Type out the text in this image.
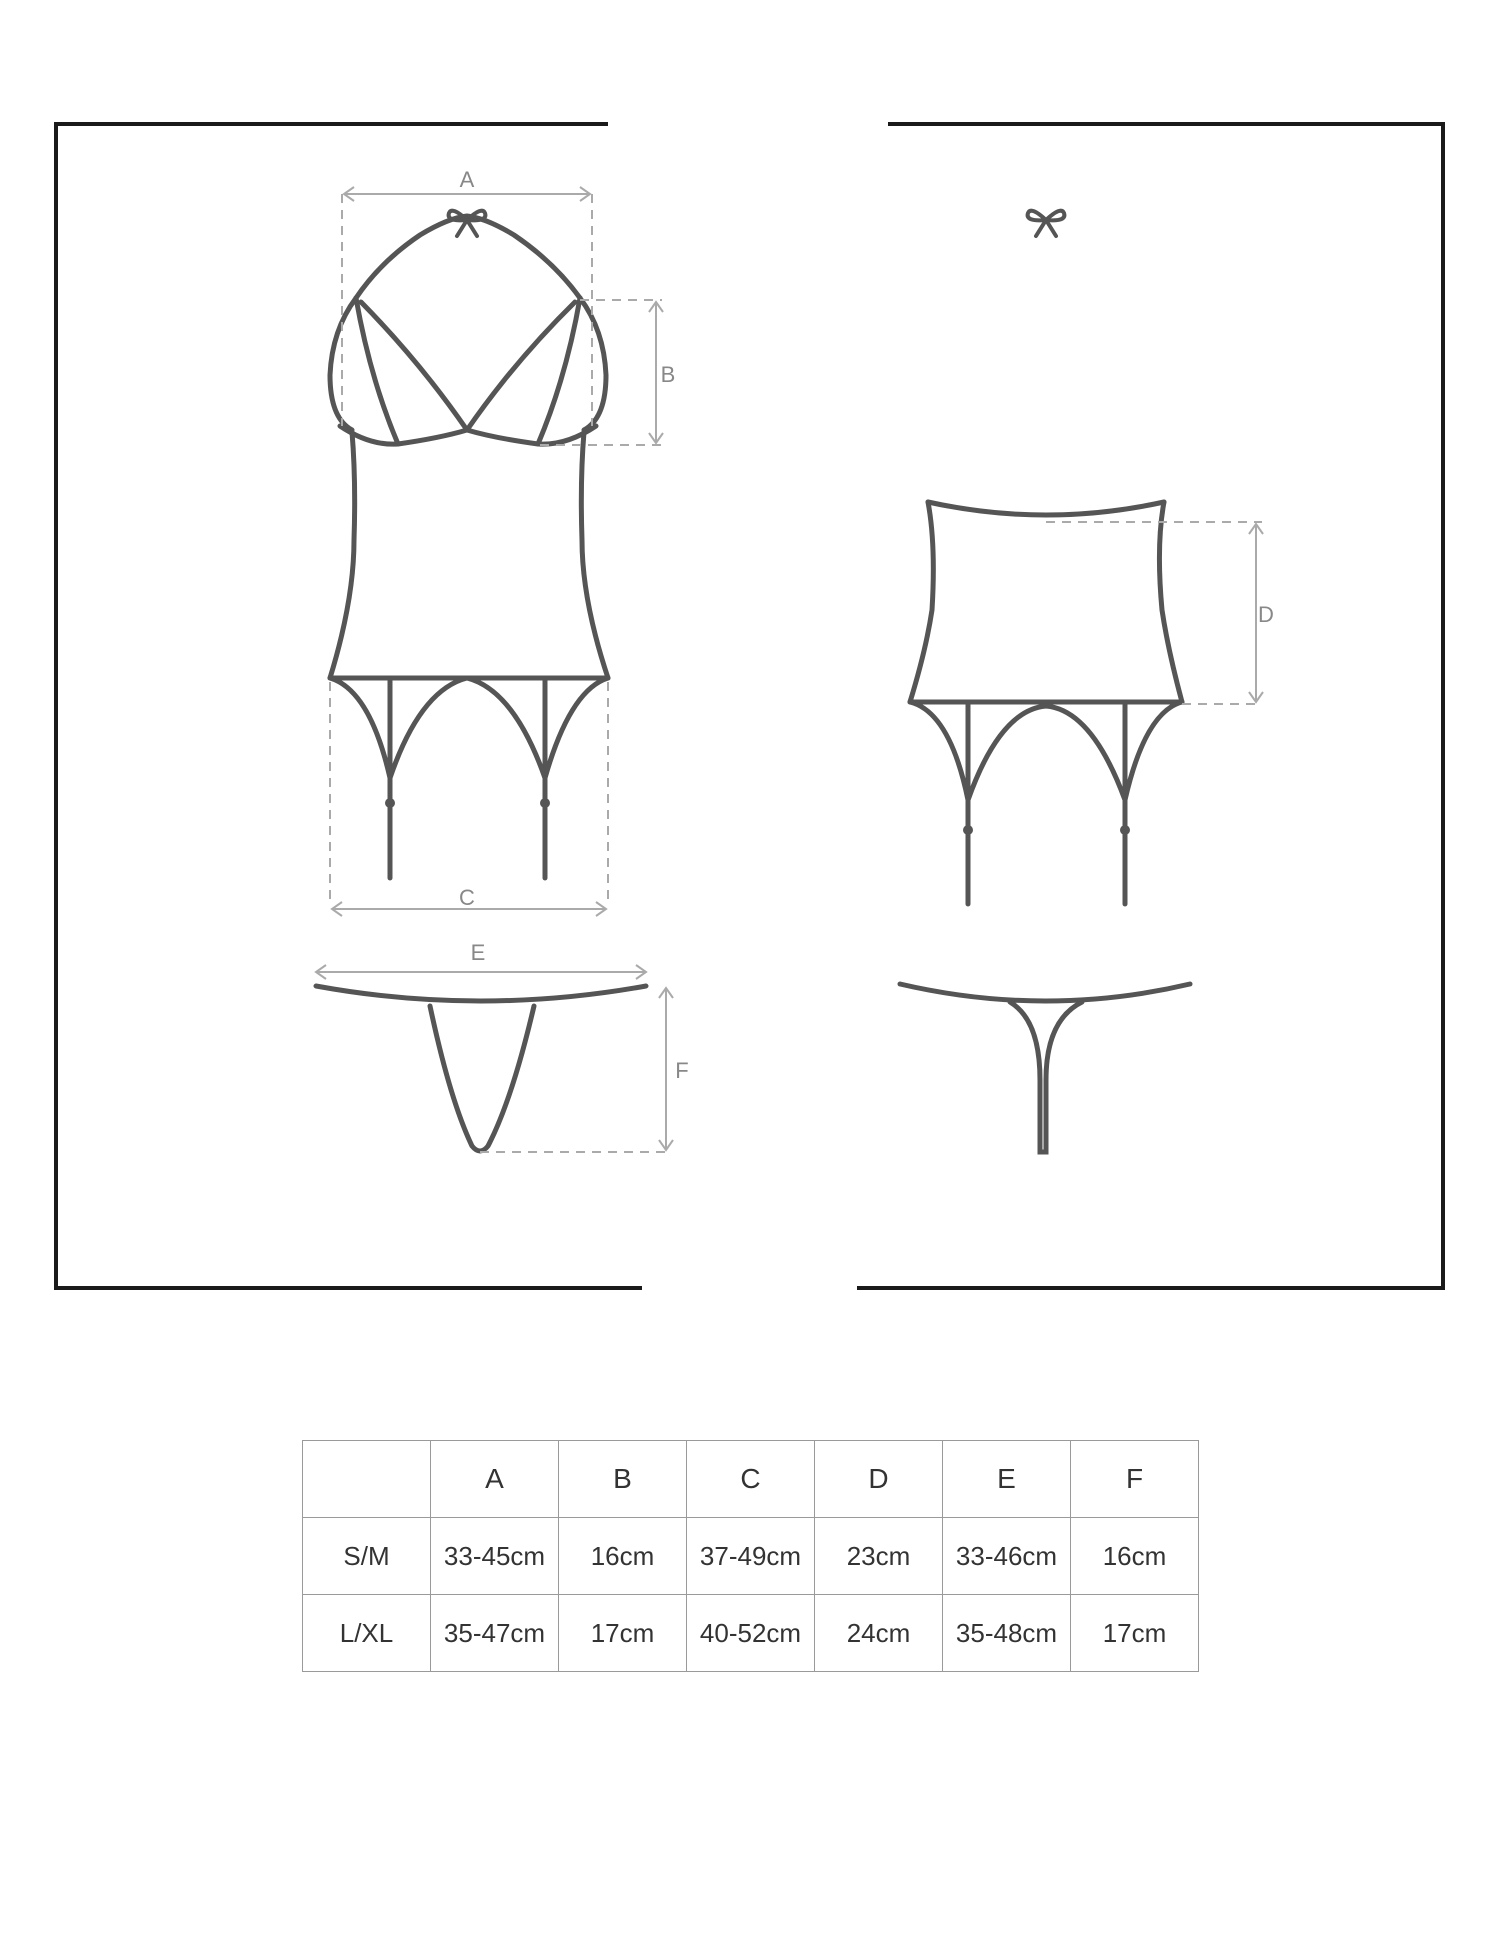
A
B
C
E
F
D
	A	B	C	D	E	F
S/M	33-45cm	16cm	37-49cm	23cm	33-46cm	16cm
L/XL	35-47cm	17cm	40-52cm	24cm	35-48cm	17cm
